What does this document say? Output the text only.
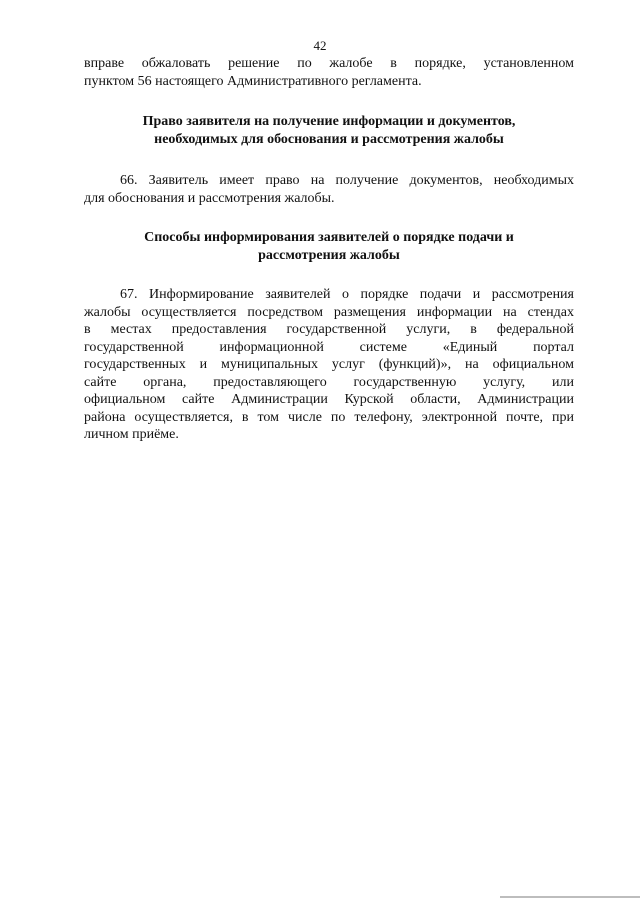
42
вправе обжаловать решение по жалобе в порядке, установленном
пунктом 56 настоящего Административного регламента.
Право заявителя на получение информации и документов,
необходимых для обоснования и рассмотрения жалобы
66. Заявитель имеет право на получение документов, необходимых
для обоснования и рассмотрения жалобы.
Способы информирования заявителей о порядке подачи и
рассмотрения жалобы
67. Информирование заявителей о порядке подачи и рассмотрения
жалобы осуществляется посредством размещения информации на стендах
в местах предоставления государственной услуги, в федеральной
государственной информационной системе «Единый портал
государственных и муниципальных услуг (функций)», на официальном
сайте органа, предоставляющего государственную услугу, или
официальном сайте Администрации Курской области, Администрации
района осуществляется, в том числе по телефону, электронной почте, при
личном приёме.
